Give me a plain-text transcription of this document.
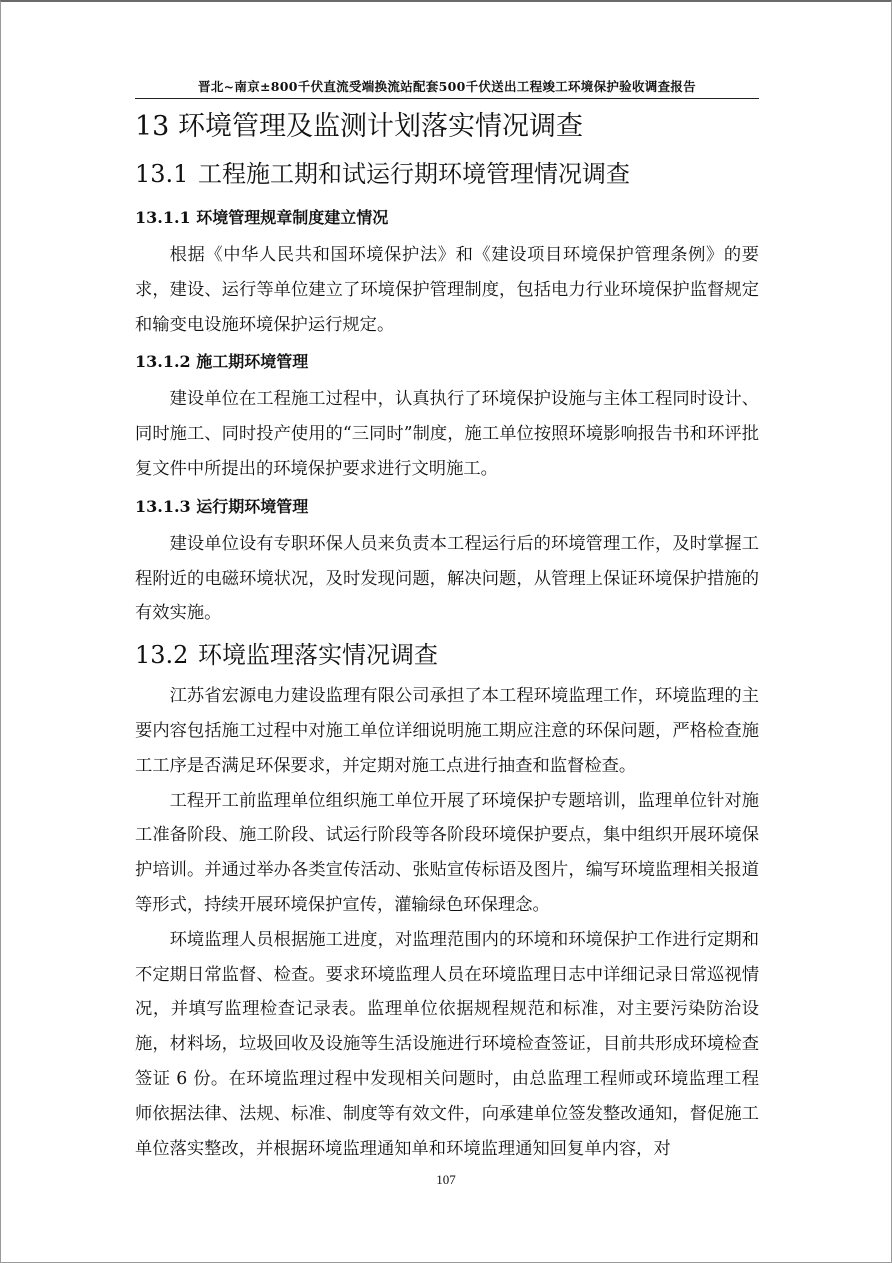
晋北~南京±800千伏直流受端换流站配套500千伏送出工程竣工环境保护验收调查报告
13 环境管理及监测计划落实情况调查
13.1 工程施工期和试运行期环境管理情况调查
13.1.1 环境管理规章制度建立情况

根据《中华人民共和国环境保护法》和《建设项目环境保护管理条例》的要求，建设、运行等单位建立了环境保护管理制度，包括电力行业环境保护监督规定和输变电设施环境保护运行规定。

13.1.2 施工期环境管理

建设单位在工程施工过程中，认真执行了环境保护设施与主体工程同时设计、同时施工、同时投产使用的“三同时”制度，施工单位按照环境影响报告书和环评批复文件中所提出的环境保护要求进行文明施工。

13.1.3 运行期环境管理

建设单位设有专职环保人员来负责本工程运行后的环境管理工作，及时掌握工程附近的电磁环境状况，及时发现问题，解决问题，从管理上保证环境保护措施的有效实施。

13.2 环境监理落实情况调查

江苏省宏源电力建设监理有限公司承担了本工程环境监理工作，环境监理的主要内容包括施工过程中对施工单位详细说明施工期应注意的环保问题，严格检查施工工序是否满足环保要求，并定期对施工点进行抽查和监督检查。

工程开工前监理单位组织施工单位开展了环境保护专题培训，监理单位针对施工准备阶段、施工阶段、试运行阶段等各阶段环境保护要点，集中组织开展环境保护培训。并通过举办各类宣传活动、张贴宣传标语及图片，编写环境监理相关报道等形式，持续开展环境保护宣传，灌输绿色环保理念。

环境监理人员根据施工进度，对监理范围内的环境和环境保护工作进行定期和不定期日常监督、检查。要求环境监理人员在环境监理日志中详细记录日常巡视情况，并填写监理检查记录表。监理单位依据规程规范和标准，对主要污染防治设施，材料场，垃圾回收及设施等生活设施进行环境检查签证，目前共形成环境检查签证 6 份。在环境监理过程中发现相关问题时，由总监理工程师或环境监理工程师依据法律、法规、标准、制度等有效文件，向承建单位签发整改通知，督促施工单位落实整改，并根据环境监理通知单和环境监理通知回复单内容，对

107
